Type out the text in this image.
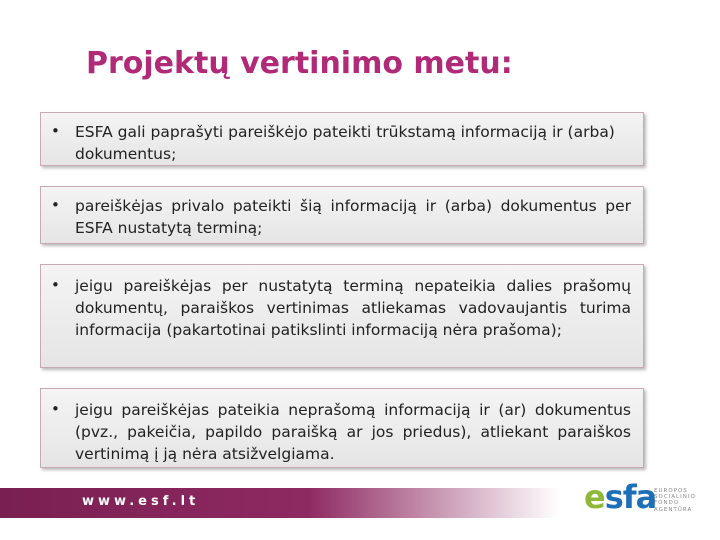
Projektų vertinimo metu:
• ESFA gali paprašyti pareiškėjo pateikti trūkstamą informaciją ir (arba) dokumentus;
• pareiškėjas privalo pateikti šią informaciją ir (arba) dokumentus per ESFA nustatytą terminą;
• jeigu pareiškėjas per nustatytą terminą nepateikia dalies prašomų dokumentų, paraiškos vertinimas atliekamas vadovaujantis turima informacija (pakartotinai patikslinti informaciją nėra prašoma);
• jeigu pareiškėjas pateikia neprašomą informaciją ir (ar) dokumentus (pvz., pakeičia, papildo paraišką ar jos priedus), atliekant paraiškos vertinimą į ją nėra atsižvelgiama.
www.esf.lt	esfa
EUROPOS
SOCIALINIO
FONDO
AGENTŪRA
